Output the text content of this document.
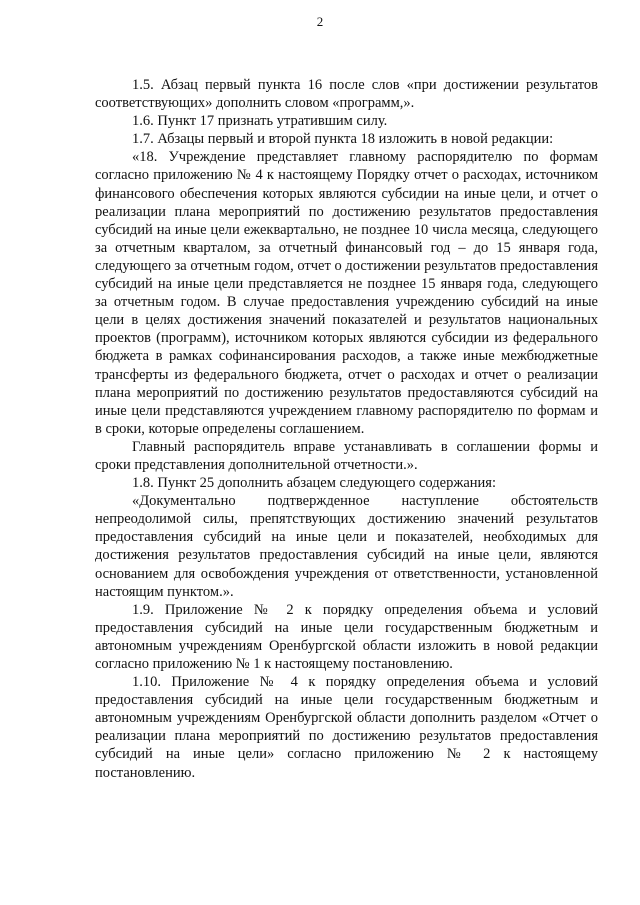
2

1.5. Абзац первый пункта 16 после слов «при достижении результатов соответствующих» дополнить словом «программ,».

1.6. Пункт 17 признать утратившим силу.

1.7. Абзацы первый и второй пункта 18 изложить в новой редакции:

«18. Учреждение представляет главному распорядителю по формам согласно приложению № 4 к настоящему Порядку отчет о расходах, источником финансового обеспечения которых являются субсидии на иные цели, и отчет о реализации плана мероприятий по достижению результатов предоставления субсидий на иные цели ежеквартально, не позднее 10 числа месяца, следующего за отчетным кварталом, за отчетный финансовый год – до 15 января года, следующего за отчетным годом, отчет о достижении результатов предоставления субсидий на иные цели представляется не позднее 15 января года, следующего за отчетным годом. В случае предоставления учреждению субсидий на иные цели в целях достижения значений показателей и результатов национальных проектов (программ), источником которых являются субсидии из федерального бюджета в рамках софинансирования расходов, а также иные межбюджетные трансферты из федерального бюджета, отчет о расходах и отчет о реализации плана мероприятий по достижению результатов предоставляются субсидий на иные цели представляются учреждением главному распорядителю по формам и в сроки, которые определены соглашением.

Главный распорядитель вправе устанавливать в соглашении формы и сроки представления дополнительной отчетности.».

1.8. Пункт 25 дополнить абзацем следующего содержания:

«Документально подтвержденное наступление обстоятельств непреодолимой силы, препятствующих достижению значений результатов предоставления субсидий на иные цели и показателей, необходимых для достижения результатов предоставления субсидий на иные цели, являются основанием для освобождения учреждения от ответственности, установленной настоящим пунктом.».

1.9. Приложение № 2 к порядку определения объема и условий предоставления субсидий на иные цели государственным бюджетным и автономным учреждениям Оренбургской области изложить в новой редакции согласно приложению № 1 к настоящему постановлению.

1.10. Приложение № 4 к порядку определения объема и условий предоставления субсидий на иные цели государственным бюджетным и автономным учреждениям Оренбургской области дополнить разделом «Отчет о реализации плана мероприятий по достижению результатов предоставления субсидий на иные цели» согласно приложению № 2 к настоящему постановлению.
